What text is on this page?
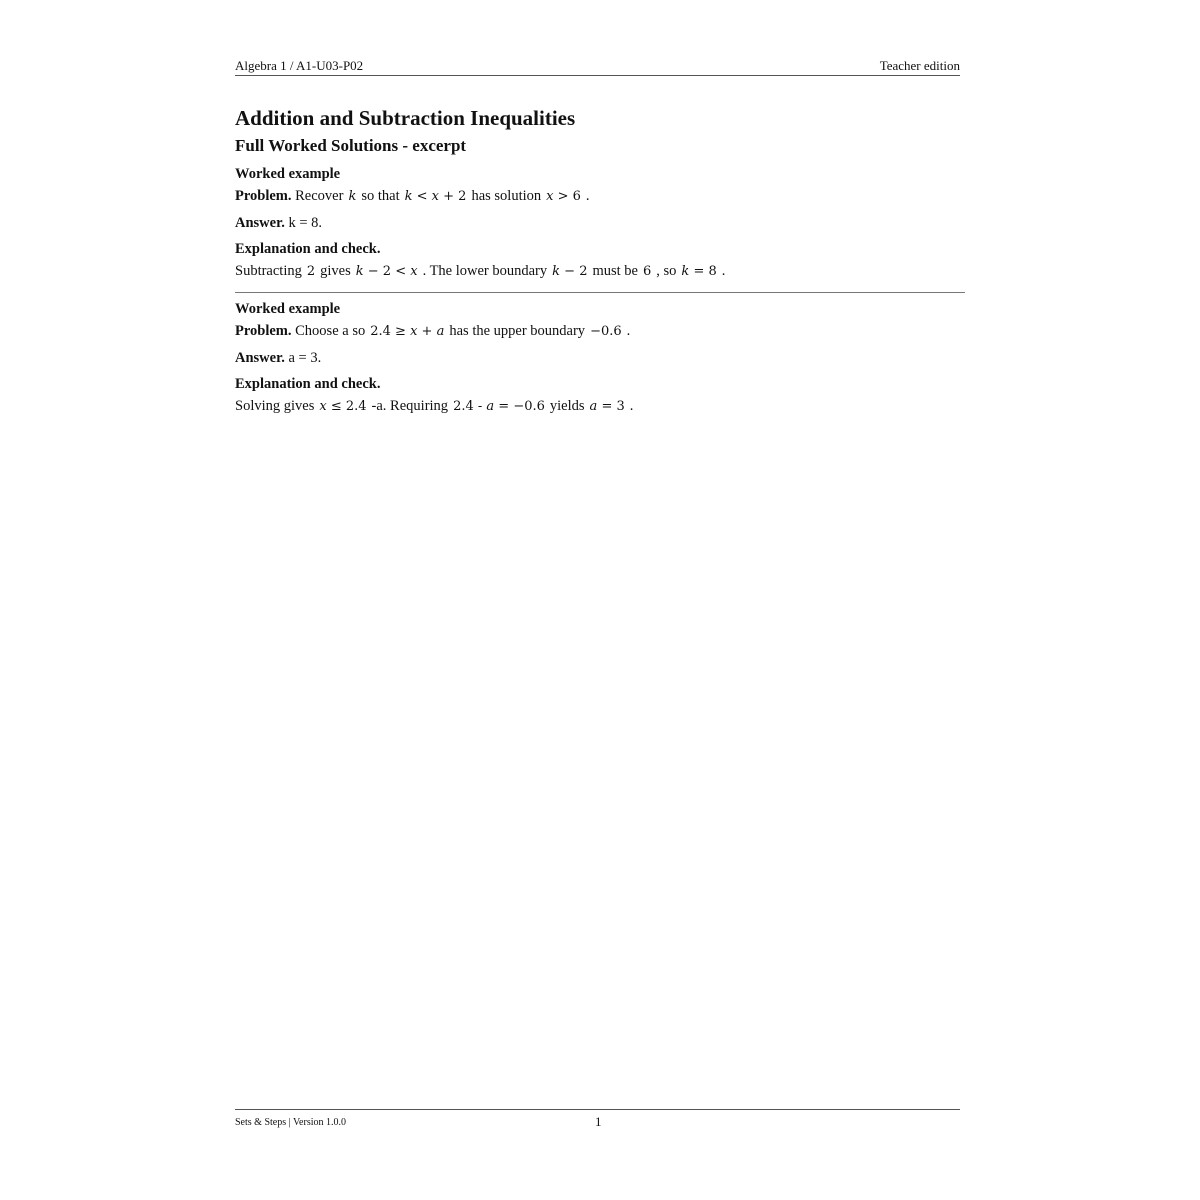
Algebra 1 / A1-U03-P02	Teacher edition
Addition and Subtraction Inequalities
Full Worked Solutions - excerpt
Worked example

Problem. Recover k so that k < x + 2 has solution x > 6 .

Answer. k = 8.

Explanation and check.

Subtracting 2 gives k − 2 < x . The lower boundary k − 2 must be 6 , so k = 8 .

Worked example

Problem. Choose a so 2.4 ≥ x + a has the upper boundary −0.6 .

Answer. a = 3.

Explanation and check.

Solving gives x ≤ 2.4 -a. Requiring 2.4 - a = −0.6 yields a = 3 .

Sets & Steps | Version 1.0.0	1
